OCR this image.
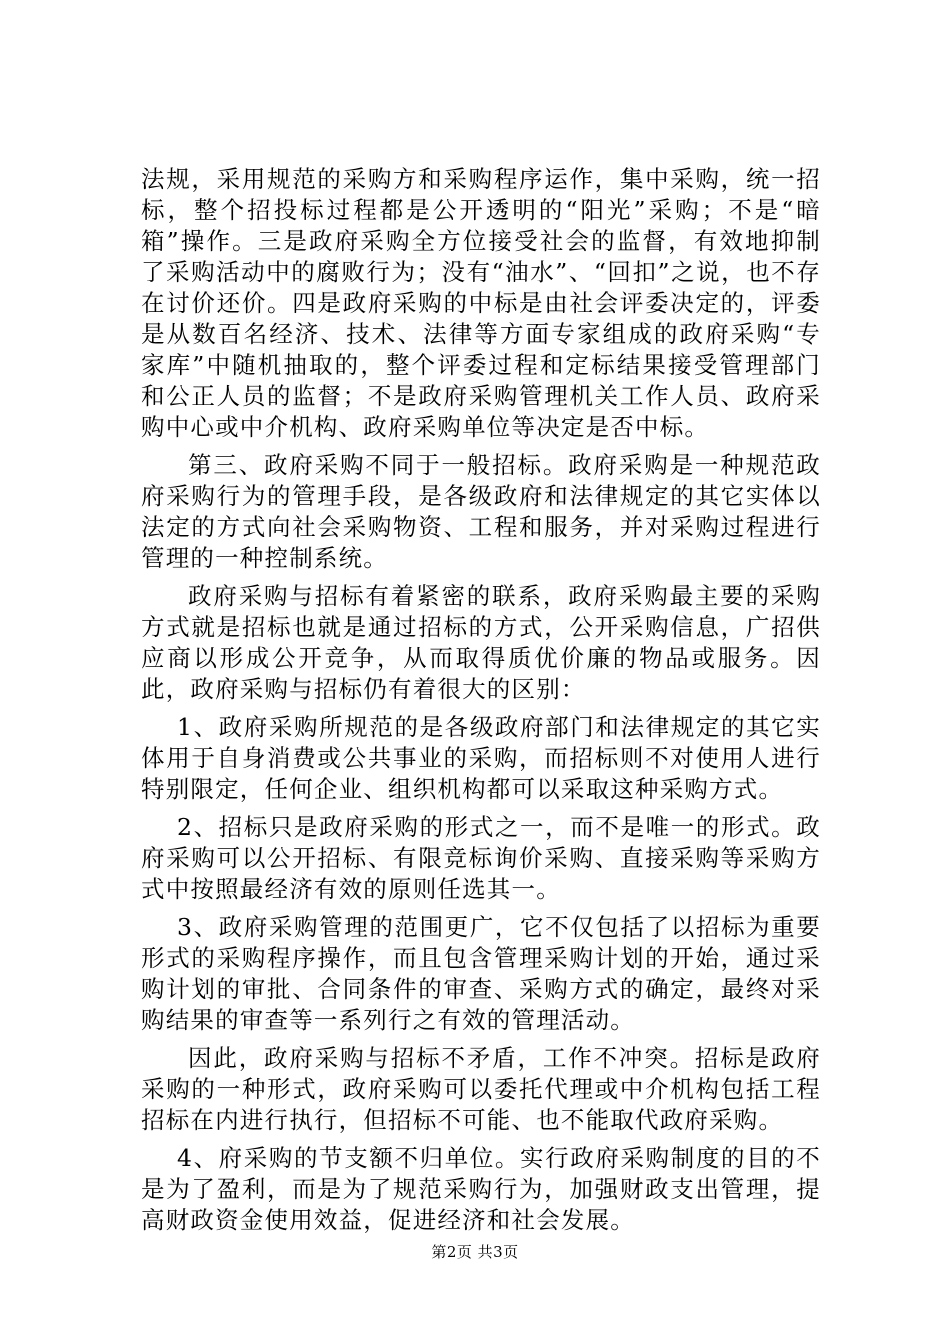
法规，采用规范的采购方和采购程序运作，集中采购，统一招标，整个招投标过程都是公开透明的“阳光”采购；不是“暗箱”操作。三是政府采购全方位接受社会的监督，有效地抑制了采购活动中的腐败行为；没有“油水”、“回扣”之说，也不存在讨价还价。四是政府采购的中标是由社会评委决定的，评委是从数百名经济、技术、法律等方面专家组成的政府采购“专家库”中随机抽取的，整个评委过程和定标结果接受管理部门和公正人员的监督；不是政府采购管理机关工作人员、政府采购中心或中介机构、政府采购单位等决定是否中标。

第三、政府采购不同于一般招标。政府采购是一种规范政府采购行为的管理手段，是各级政府和法律规定的其它实体以法定的方式向社会采购物资、工程和服务，并对采购过程进行管理的一种控制系统。

政府采购与招标有着紧密的联系，政府采购最主要的采购方式就是招标也就是通过招标的方式，公开采购信息，广招供应商以形成公开竞争，从而取得质优价廉的物品或服务。因此，政府采购与招标仍有着很大的区别：

1、政府采购所规范的是各级政府部门和法律规定的其它实体用于自身消费或公共事业的采购，而招标则不对使用人进行特别限定，任何企业、组织机构都可以采取这种采购方式。

2、招标只是政府采购的形式之一，而不是唯一的形式。政府采购可以公开招标、有限竞标询价采购、直接采购等采购方式中按照最经济有效的原则任选其一。

3、政府采购管理的范围更广，它不仅包括了以招标为重要形式的采购程序操作，而且包含管理采购计划的开始，通过采购计划的审批、合同条件的审查、采购方式的确定，最终对采购结果的审查等一系列行之有效的管理活动。

因此，政府采购与招标不矛盾，工作不冲突。招标是政府采购的一种形式，政府采购可以委托代理或中介机构包括工程招标在内进行执行，但招标不可能、也不能取代政府采购。

4、府采购的节支额不归单位。实行政府采购制度的目的不是为了盈利，而是为了规范采购行为，加强财政支出管理，提高财政资金使用效益，促进经济和社会发展。

第2页 共3页
